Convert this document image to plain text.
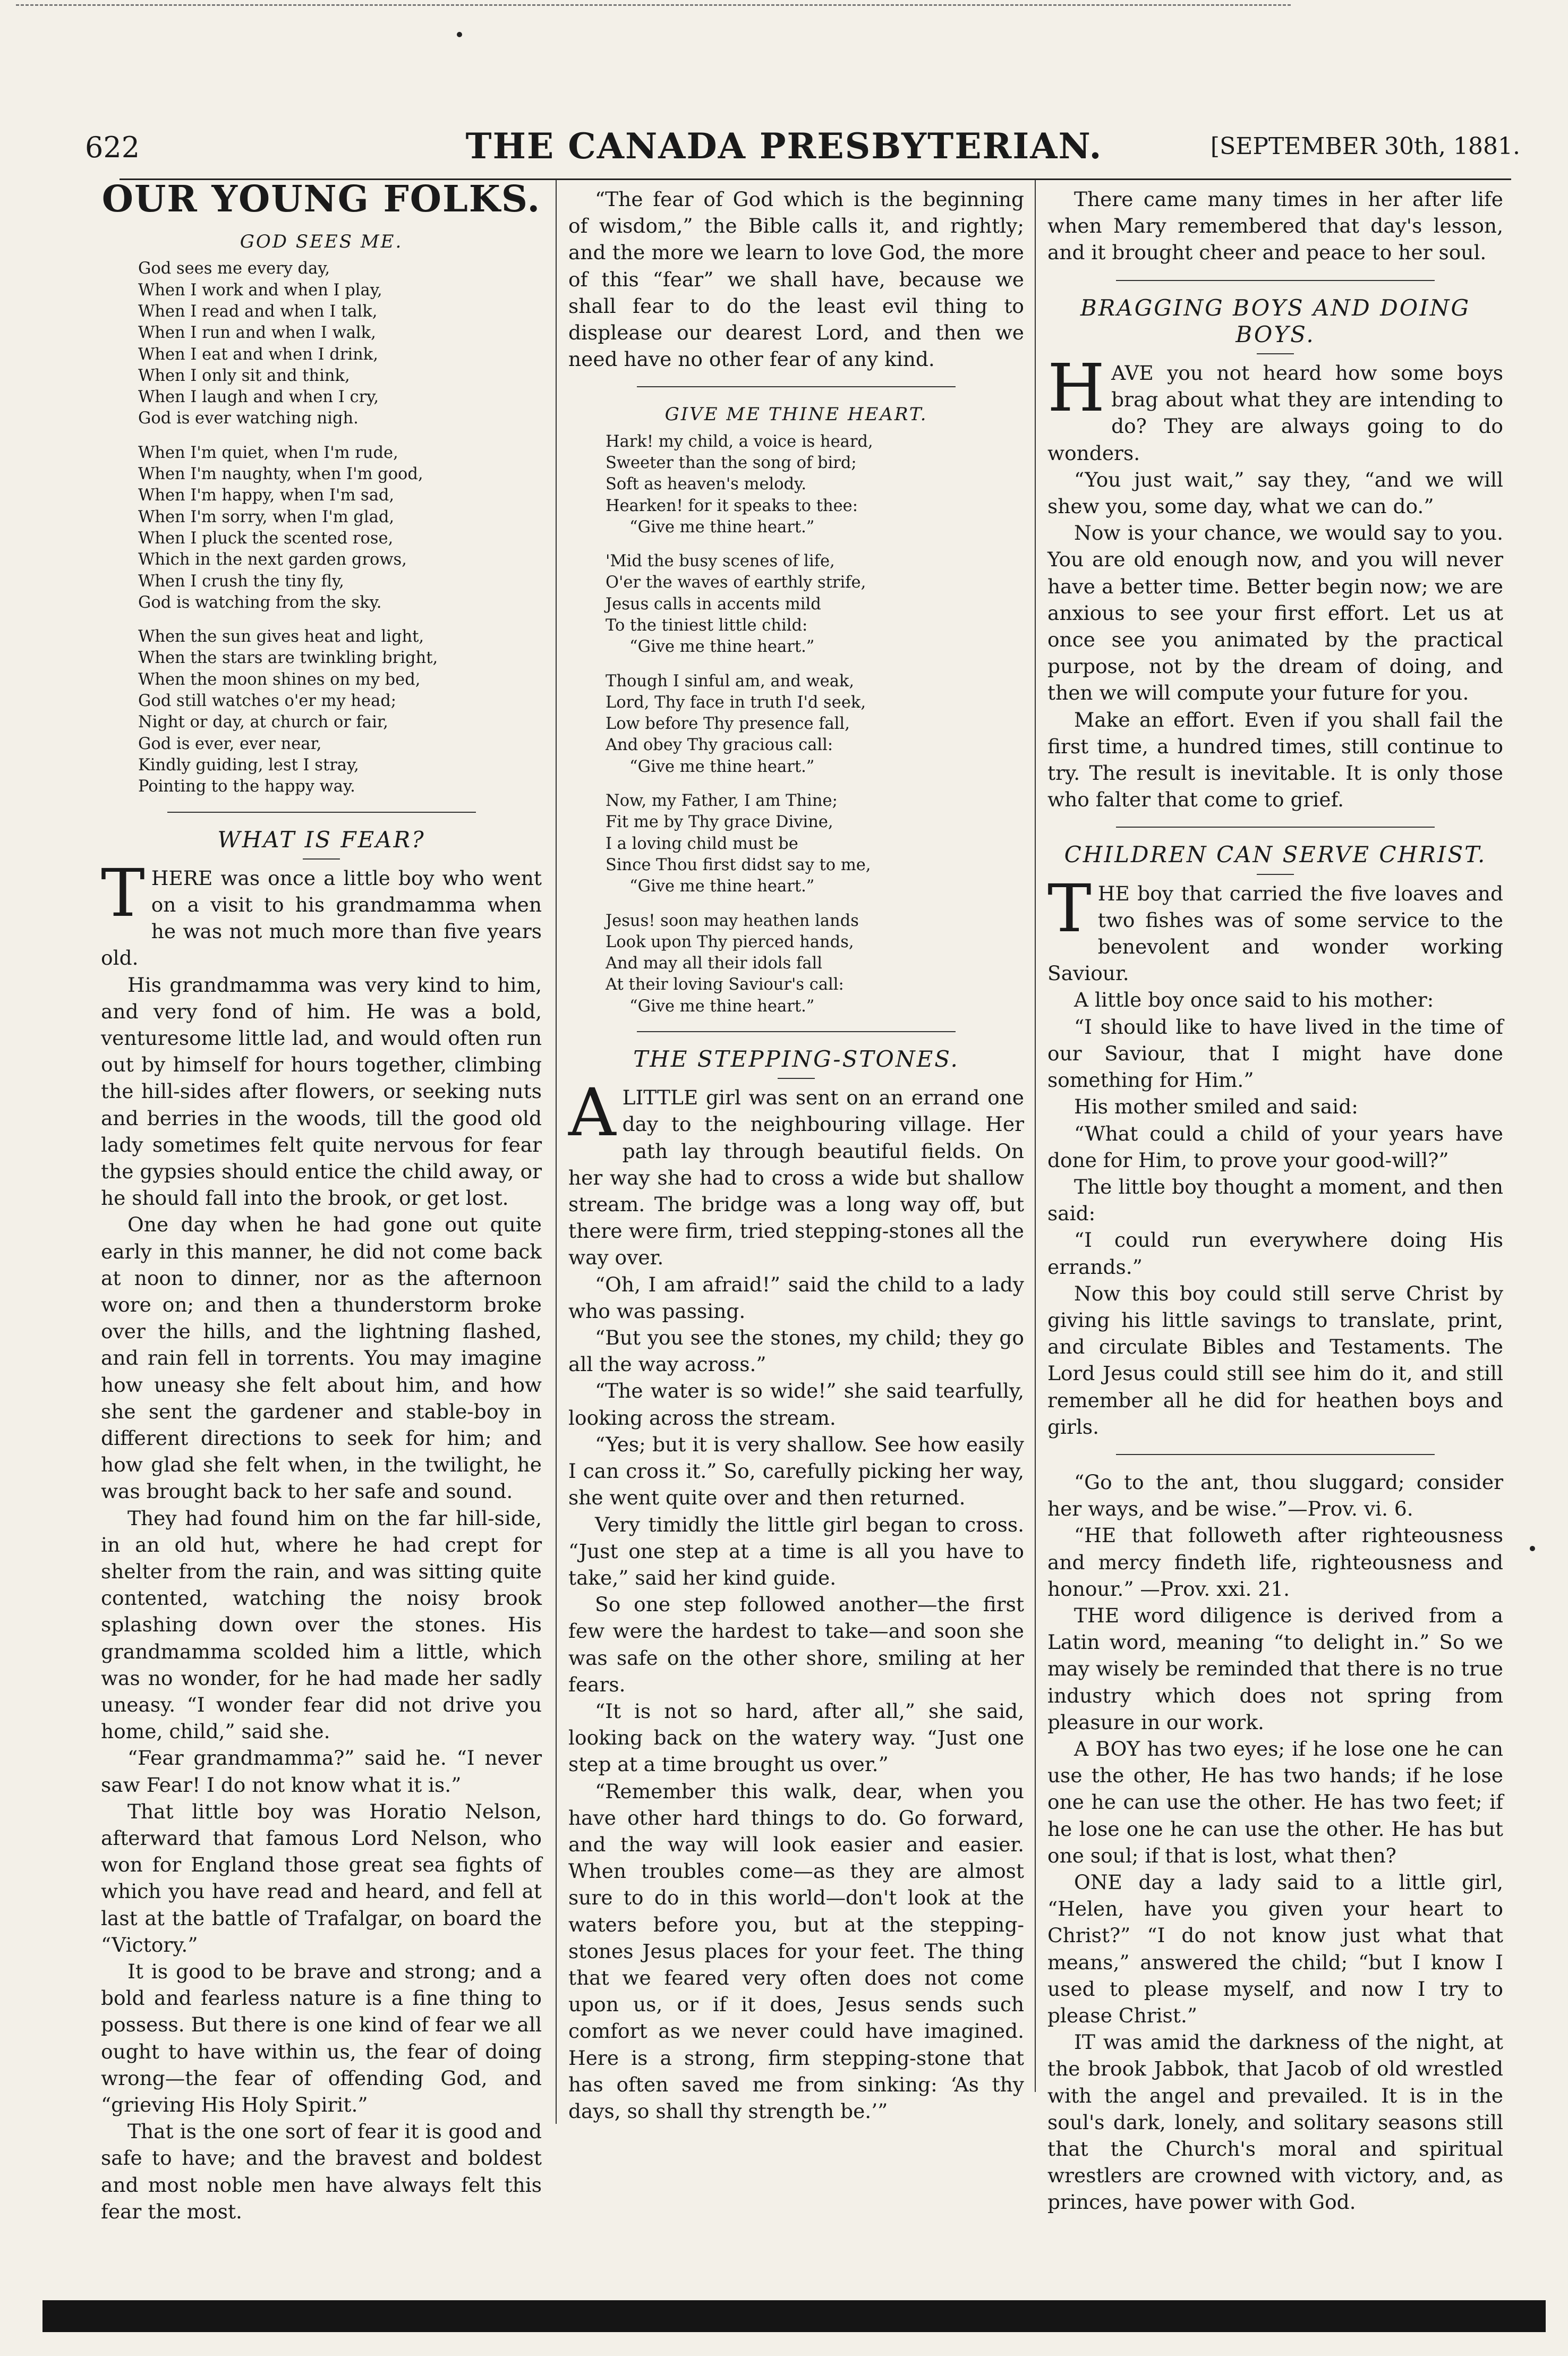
622	THE CANADA PRESBYTERIAN.	[SEPTEMBER 30th, 1881.
OUR YOUNG FOLKS.
GOD SEES ME.
God sees me every day,
When I work and when I play,
When I read and when I talk,
When I run and when I walk,
When I eat and when I drink,
When I only sit and think,
When I laugh and when I cry,
God is ever watching nigh.
When I'm quiet, when I'm rude,
When I'm naughty, when I'm good,
When I'm happy, when I'm sad,
When I'm sorry, when I'm glad,
When I pluck the scented rose,
Which in the next garden grows,
When I crush the tiny fly,
God is watching from the sky.
When the sun gives heat and light,
When the stars are twinkling bright,
When the moon shines on my bed,
God still watches o'er my head;
Night or day, at church or fair,
God is ever, ever near,
Kindly guiding, lest I stray,
Pointing to the happy way.
WHAT IS FEAR?

THERE was once a little boy who went on a visit to his grandmamma when he was not much more than five years old.

His grandmamma was very kind to him, and very fond of him. He was a bold, venturesome little lad, and would often run out by himself for hours together, climbing the hill-sides after flowers, or seeking nuts and berries in the woods, till the good old lady sometimes felt quite nervous for fear the gypsies should entice the child away, or he should fall into the brook, or get lost.

One day when he had gone out quite early in this manner, he did not come back at noon to dinner, nor as the afternoon wore on; and then a thunderstorm broke over the hills, and the lightning flashed, and rain fell in torrents. You may imagine how uneasy she felt about him, and how she sent the gardener and stable-boy in different directions to seek for him; and how glad she felt when, in the twilight, he was brought back to her safe and sound.

They had found him on the far hill-side, in an old hut, where he had crept for shelter from the rain, and was sitting quite contented, watching the noisy brook splashing down over the stones. His grandmamma scolded him a little, which was no wonder, for he had made her sadly uneasy. “I wonder fear did not drive you home, child,” said she.

“Fear grandmamma?” said he. “I never saw Fear! I do not know what it is.”

That little boy was Horatio Nelson, afterward that famous Lord Nelson, who won for England those great sea fights of which you have read and heard, and fell at last at the battle of Trafalgar, on board the “Victory.”

It is good to be brave and strong; and a bold and fearless nature is a fine thing to possess. But there is one kind of fear we all ought to have within us, the fear of doing wrong—the fear of offending God, and “grieving His Holy Spirit.”

That is the one sort of fear it is good and safe to have; and the bravest and boldest and most noble men have always felt this fear the most.

“The fear of God which is the beginning of wisdom,” the Bible calls it, and rightly; and the more we learn to love God, the more of this “fear” we shall have, because we shall fear to do the least evil thing to displease our dearest Lord, and then we need have no other fear of any kind.

GIVE ME THINE HEART.
Hark! my child, a voice is heard,
Sweeter than the song of bird;
Soft as heaven's melody.
Hearken! for it speaks to thee:
“Give me thine heart.”
'Mid the busy scenes of life,
O'er the waves of earthly strife,
Jesus calls in accents mild
To the tiniest little child:
“Give me thine heart.”
Though I sinful am, and weak,
Lord, Thy face in truth I'd seek,
Low before Thy presence fall,
And obey Thy gracious call:
“Give me thine heart.”
Now, my Father, I am Thine;
Fit me by Thy grace Divine,
I a loving child must be
Since Thou first didst say to me,
“Give me thine heart.”
Jesus! soon may heathen lands
Look upon Thy pierced hands,
And may all their idols fall
At their loving Saviour's call:
“Give me thine heart.”
THE STEPPING-STONES.

ALITTLE girl was sent on an errand one day to the neighbouring village. Her path lay through beautiful fields. On her way she had to cross a wide but shallow stream. The bridge was a long way off, but there were firm, tried stepping-stones all the way over.

“Oh, I am afraid!” said the child to a lady who was passing.

“But you see the stones, my child; they go all the way across.”

“The water is so wide!” she said tearfully, looking across the stream.

“Yes; but it is very shallow. See how easily I can cross it.” So, carefully picking her way, she went quite over and then returned.

Very timidly the little girl began to cross. “Just one step at a time is all you have to take,” said her kind guide.

So one step followed another—the first few were the hardest to take—and soon she was safe on the other shore, smiling at her fears.

“It is not so hard, after all,” she said, looking back on the watery way. “Just one step at a time brought us over.”

“Remember this walk, dear, when you have other hard things to do. Go forward, and the way will look easier and easier. When troubles come—as they are almost sure to do in this world—don't look at the waters before you, but at the stepping-stones Jesus places for your feet. The thing that we feared very often does not come upon us, or if it does, Jesus sends such comfort as we never could have imagined. Here is a strong, firm stepping-stone that has often saved me from sinking: ‘As thy days, so shall thy strength be.’”

There came many times in her after life when Mary remembered that day's lesson, and it brought cheer and peace to her soul.

BRAGGING BOYS AND DOING BOYS.

HAVE you not heard how some boys brag about what they are intending to do? They are always going to do wonders.

“You just wait,” say they, “and we will shew you, some day, what we can do.”

Now is your chance, we would say to you. You are old enough now, and you will never have a better time. Better begin now; we are anxious to see your first effort. Let us at once see you animated by the practical purpose, not by the dream of doing, and then we will compute your future for you.

Make an effort. Even if you shall fail the first time, a hundred times, still continue to try. The result is inevitable. It is only those who falter that come to grief.

CHILDREN CAN SERVE CHRIST.

THE boy that carried the five loaves and two fishes was of some service to the benevolent and wonder working Saviour.

A little boy once said to his mother:

“I should like to have lived in the time of our Saviour, that I might have done something for Him.”

His mother smiled and said:

“What could a child of your years have done for Him, to prove your good-will?”

The little boy thought a moment, and then said:

“I could run everywhere doing His errands.”

Now this boy could still serve Christ by giving his little savings to translate, print, and circulate Bibles and Testaments. The Lord Jesus could still see him do it, and still remember all he did for heathen boys and girls.

“Go to the ant, thou sluggard; consider her ways, and be wise.”—Prov. vi. 6.

“HE that followeth after righteousness and mercy findeth life, righteousness and honour.” —Prov. xxi. 21.

THE word diligence is derived from a Latin word, meaning “to delight in.” So we may wisely be reminded that there is no true industry which does not spring from pleasure in our work.

A BOY has two eyes; if he lose one he can use the other, He has two hands; if he lose one he can use the other. He has two feet; if he lose one he can use the other. He has but one soul; if that is lost, what then?

ONE day a lady said to a little girl, “Helen, have you given your heart to Christ?” “I do not know just what that means,” answered the child; “but I know I used to please myself, and now I try to please Christ.”

IT was amid the darkness of the night, at the brook Jabbok, that Jacob of old wrestled with the angel and prevailed. It is in the soul's dark, lonely, and solitary seasons still that the Church's moral and spiritual wrestlers are crowned with victory, and, as princes, have power with God.
